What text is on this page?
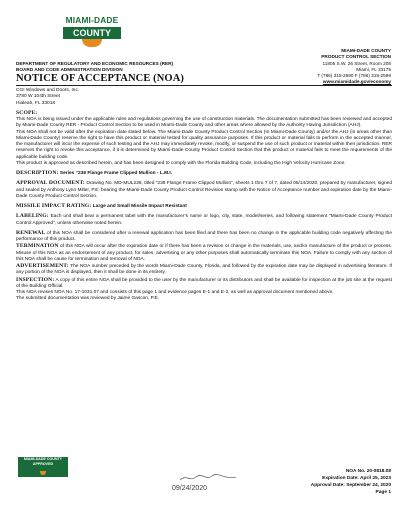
MIAMI-DADE
COUNTY
DEPARTMENT OF REGULATORY AND ECONOMIC RESOURCES (RER)
BOARD AND CODE ADMINISTRATION DIVISION
NOTICE OF ACCEPTANCE (NOA)
MIAMI-DADE COUNTY
PRODUCT CONTROL SECTION
11805 S.W. 26 Street, Room 208
Miami, FL 33175
T (786) 315-2590 F (786) 315-2599
www.miamidade.gov/economy

CGI Windows and Doors, Inc.

3780 W 104th Street

Hialeah, FL 33018

SCOPE:

This NOA is being issued under the applicable rules and regulations governing the use of construction materials. The documentation submitted has been reviewed and accepted by Miami-Dade County RER - Product Control Section to be used in Miami-Dade County and other areas where allowed by the Authority Having Jurisdiction (AHJ).

This NOA shall not be valid after the expiration date stated below. The Miami-Dade County Product Control Section (In Miami-Dade County) and/or the AHJ (in areas other than Miami-Dade County) reserve the right to have this product or material tested for quality assurance purposes. If this product or material fails to perform in the accepted manner, the manufacturer will incur the expense of such testing and the AHJ may immediately revoke, modify, or suspend the use of such product or material within their jurisdiction. RER reserves the right to revoke this acceptance, if it is determined by Miami-Dade County Product Control Section that this product or material fails to meet the requirements of the applicable building code.

This product is approved as described herein, and has been designed to comply with the Florida Building Code, including the High Velocity Hurricane Zone.

DESCRIPTION: Series “238 Flange Frame Clipped Mullion - L.M.I.

APPROVAL DOCUMENT: Drawing No. MD-MUL238, titled “238 Flange Frame Clipped Mullion”, sheets 1 thru 7 of 7, dated 05/14/2020, prepared by manufacturer, signed and sealed by Anthony Lynn Miller, P.E. bearing the Miami-Dade County Product Control Revision stamp with the Notice of Acceptance number and expiration date by the Miami-Dade County Product Control Section.

MISSILE IMPACT RATING: Large and Small Missile Impact Resistant

LABELING: Each unit shall bear a permanent label with the manufacturer’s name or logo, city, state, model/series, and following statement “Miami-Dade County Product Control Approved”, unless otherwise noted herein.

RENEWAL of this NOA shall be considered after a renewal application has been filed and there has been no change in the applicable building code negatively affecting the performance of this product.

TERMINATION of this NOA will occur after the expiration date or if there has been a revision or change in the materials, use, and/or manufacture of the product or process. Misuse of this NOA as an endorsement of any product, for sales, advertising or any other purposes shall automatically terminate this NOA. Failure to comply with any section of this NOA shall be cause for termination and removal of NOA.

ADVERTISEMENT: The NOA number preceded by the words Miami-Dade County, Florida, and followed by the expiration date may be displayed in advertising literature. If any portion of the NOA is displayed, then it shall be done in its entirety.

INSPECTION: A copy of this entire NOA shall be provided to the user by the manufacturer or its distributors and shall be available for inspection at the job site at the request of the Building Official.

This NOA revises NOA No. 17-1031.07 and consists of this page 1 and evidence pages E-1 and E-2, as well as approval document mentioned above.

The submitted documentation was reviewed by Jaime Gascon, P.E.

MIAMI-DADE COUNTY
APPROVED
09/24/2020
NOA No. 20-0818.08
Expiration Date: April 25, 2023
Approval Date: September 24, 2020
Page 1
